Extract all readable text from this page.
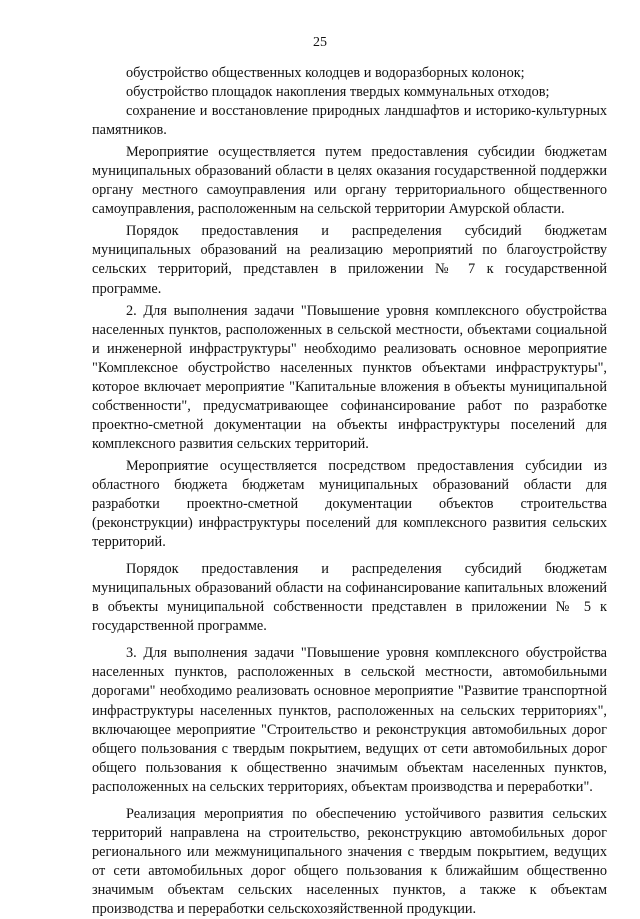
25

обустройство общественных колодцев и водоразборных колонок;

обустройство площадок накопления твердых коммунальных отходов;

сохранение и восстановление природных ландшафтов и историко-культурных памятников.

Мероприятие осуществляется путем предоставления субсидии бюджетам муниципальных образований области в целях оказания государственной поддержки органу местного самоуправления или органу территориального общественного самоуправления, расположенным на сельской территории Амурской области.

Порядок предоставления и распределения субсидий бюджетам муниципальных образований на реализацию мероприятий по благоустройству сельских территорий, представлен в приложении № 7 к государственной программе.

2. Для выполнения задачи "Повышение уровня комплексного обустройства населенных пунктов, расположенных в сельской местности, объектами социальной и инженерной инфраструктуры" необходимо реализовать основное мероприятие "Комплексное обустройство населенных пунктов объектами инфраструктуры", которое включает мероприятие "Капитальные вложения в объекты муниципальной собственности", предусматривающее софинансирование работ по разработке проектно-сметной документации на объекты инфраструктуры поселений для комплексного развития сельских территорий.

Мероприятие осуществляется посредством предоставления субсидии из областного бюджета бюджетам муниципальных образований области для разработки проектно-сметной документации объектов строительства (реконструкции) инфраструктуры поселений для комплексного развития сельских территорий.

Порядок предоставления и распределения субсидий бюджетам муниципальных образований области на софинансирование капитальных вложений в объекты муниципальной собственности представлен в приложении № 5 к государственной программе.

3. Для выполнения задачи "Повышение уровня комплексного обустройства населенных пунктов, расположенных в сельской местности, автомобильными дорогами" необходимо реализовать основное мероприятие "Развитие транспортной инфраструктуры населенных пунктов, расположенных на сельских территориях", включающее мероприятие "Строительство и реконструкция автомобильных дорог общего пользования с твердым покрытием, ведущих от сети автомобильных дорог общего пользования к общественно значимым объектам населенных пунктов, расположенных на сельских территориях, объектам производства и переработки".

Реализация мероприятия по обеспечению устойчивого развития сельских территорий направлена на строительство, реконструкцию автомобильных дорог регионального или межмуниципального значения с твердым покрытием, ведущих от сети автомобильных дорог общего пользования к ближайшим общественно значимым объектам сельских населенных пунктов, а также к объектам производства и переработки сельскохозяйственной продукции.
